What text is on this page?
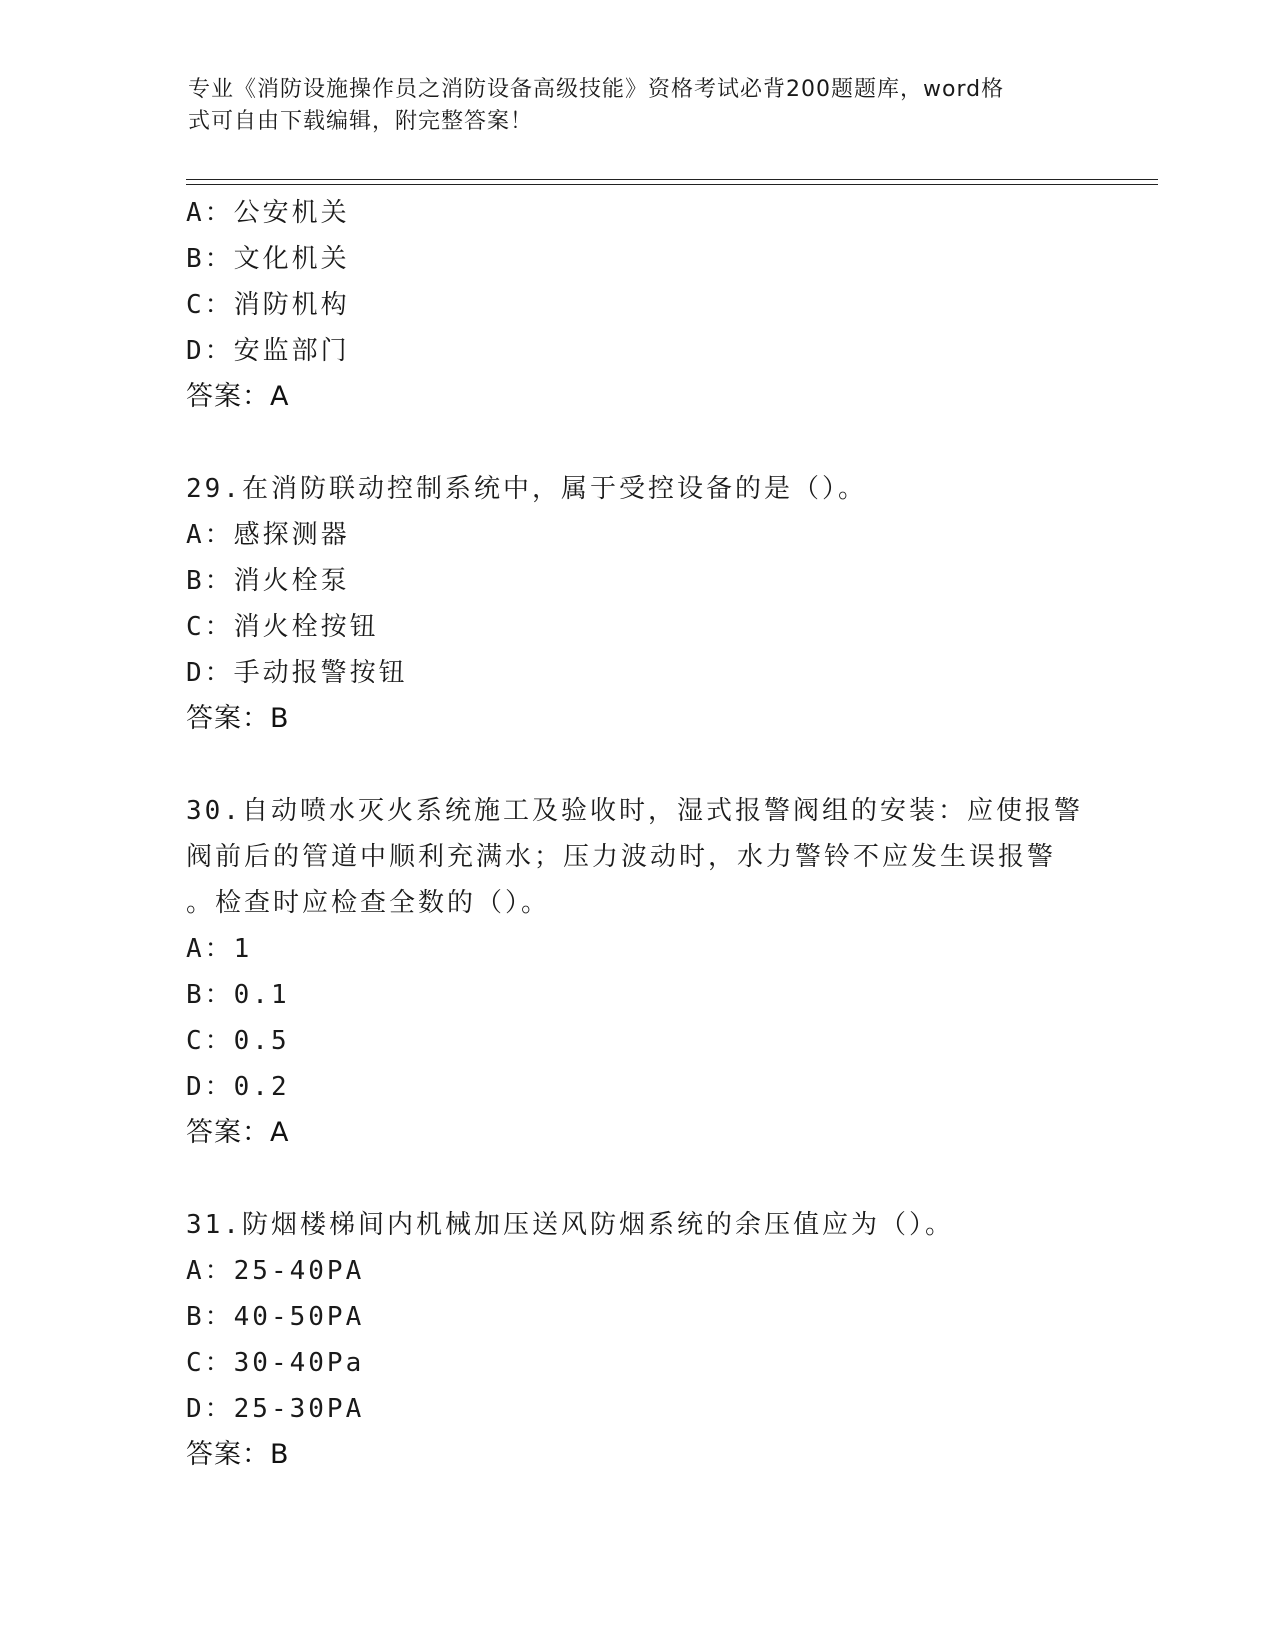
专业《消防设施操作员之消防设备高级技能》资格考试必背200题题库，word格
式可自由下载编辑，附完整答案！
A：公安机关
B：文化机关
C：消防机构
D：安监部门
答案：A
29.在消防联动控制系统中，属于受控设备的是（）。
A：感探测器
B：消火栓泵
C：消火栓按钮
D：手动报警按钮
答案：B
30.自动喷水灭火系统施工及验收时，湿式报警阀组的安装：应使报警
阀前后的管道中顺利充满水；压力波动时，水力警铃不应发生误报警
。检查时应检查全数的（）。
A：1
B：0.1
C：0.5
D：0.2
答案：A
31.防烟楼梯间内机械加压送风防烟系统的余压值应为（）。
A：25-40PA
B：40-50PA
C：30-40Pa
D：25-30PA
答案：B
